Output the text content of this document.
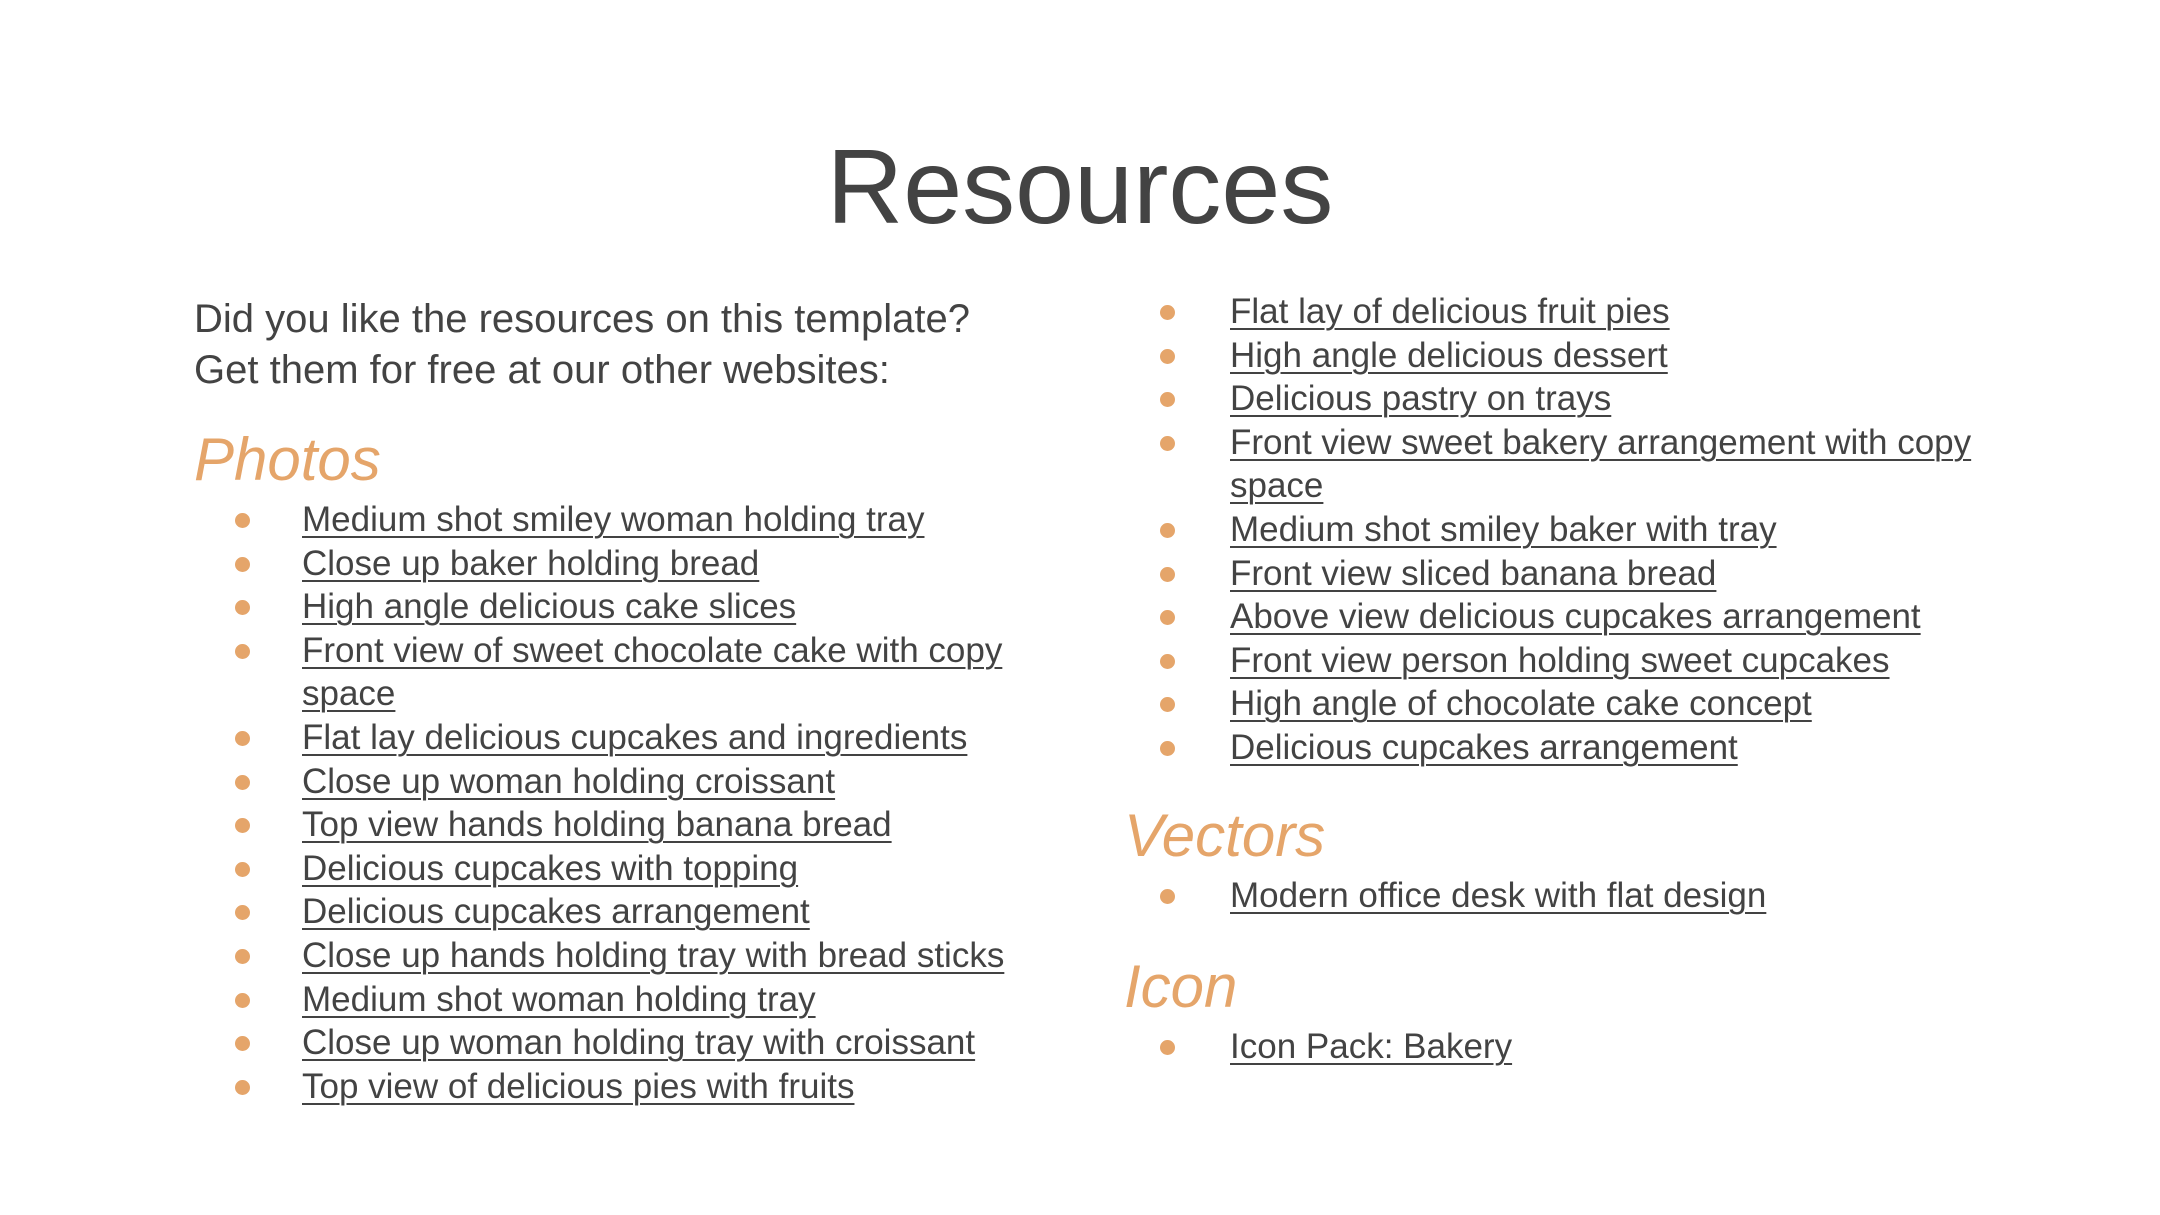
Resources

Did you like the resources on this template?
Get them for free at our other websites:

Photos
Medium shot smiley woman holding tray
Close up baker holding bread
High angle delicious cake slices
Front view of sweet chocolate cake with copy space
Flat lay delicious cupcakes and ingredients
Close up woman holding croissant
Top view hands holding banana bread
Delicious cupcakes with topping
Delicious cupcakes arrangement
Close up hands holding tray with bread sticks
Medium shot woman holding tray
Close up woman holding tray with croissant
Top view of delicious pies with fruits
Flat lay of delicious fruit pies
High angle delicious dessert
Delicious pastry on trays
Front view sweet bakery arrangement with copy space
Medium shot smiley baker with tray
Front view sliced banana bread
Above view delicious cupcakes arrangement
Front view person holding sweet cupcakes
High angle of chocolate cake concept
Delicious cupcakes arrangement
Vectors
Modern office desk with flat design
Icon
Icon Pack: Bakery
